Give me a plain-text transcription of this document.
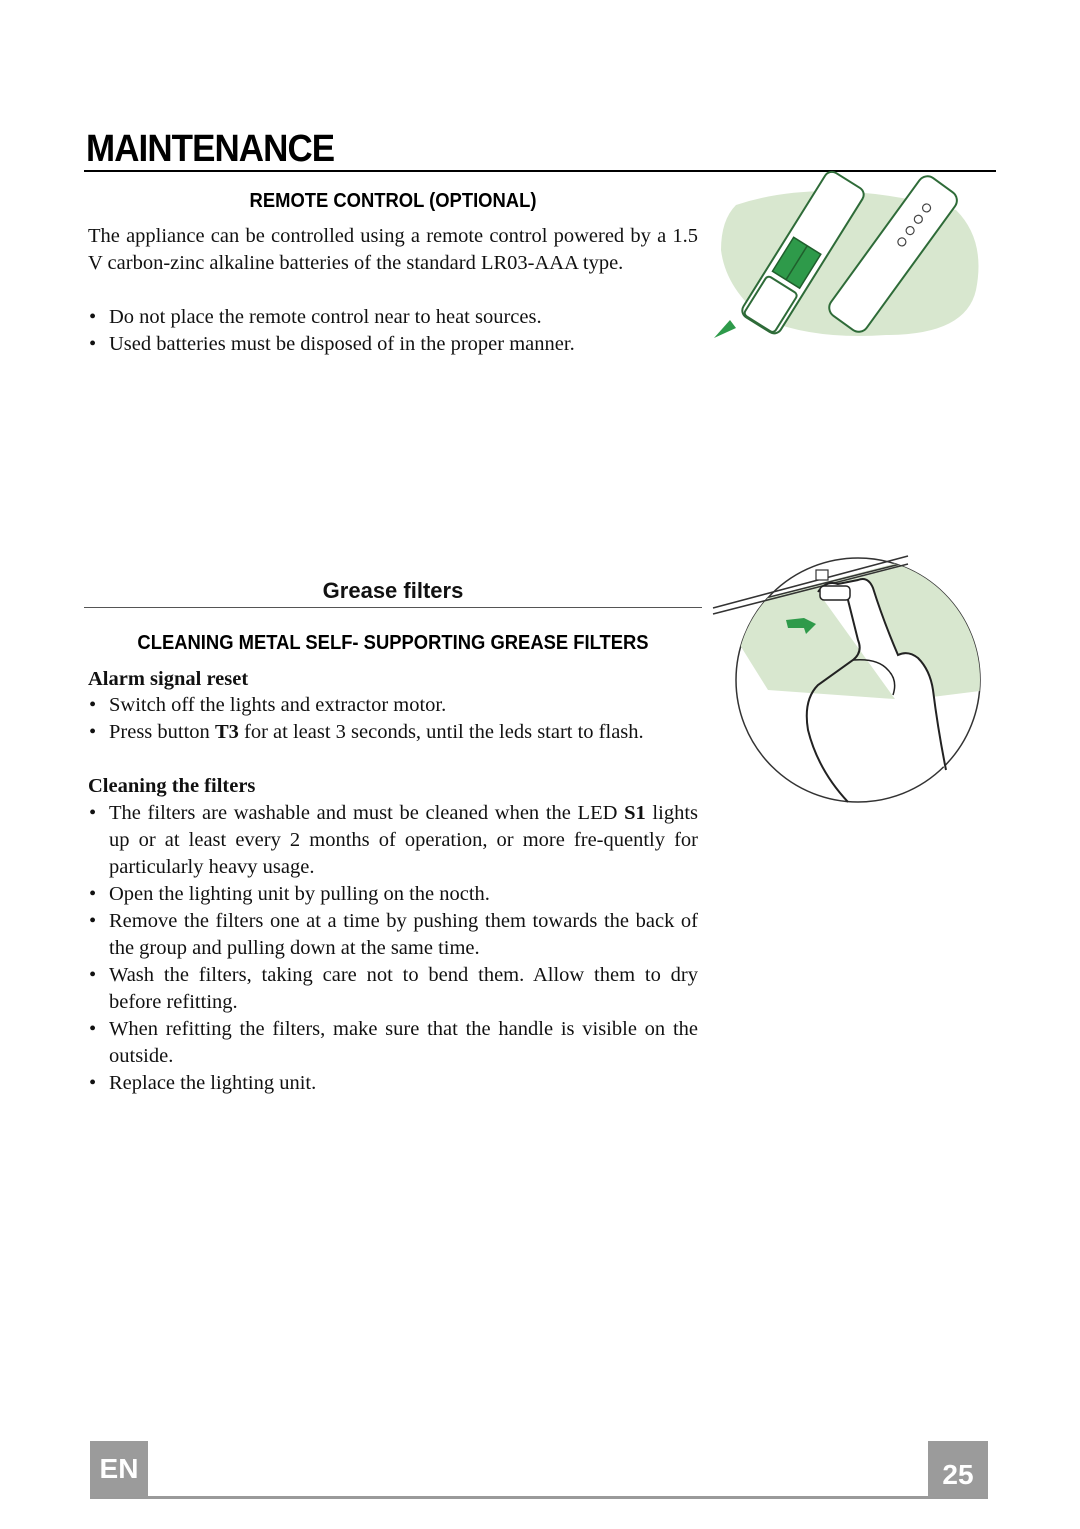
MAINTENANCE
REMOTE CONTROL (OPTIONAL)
The appliance can be controlled using a remote control powered by a 1.5 V carbon-zinc alkaline batteries of the standard LR03-AAA type.
• Do not place the remote control near to heat sources.
• Used batteries must be disposed of in the proper manner.
Grease filters
CLEANING METAL SELF- SUPPORTING GREASE FILTERS
Alarm signal reset
• Switch off the lights and extractor motor.
• Press button T3 for at least 3 seconds, until the leds start to flash.
Cleaning the filters
• The filters are washable and must be cleaned when the LED S1 lights up or at least every 2 months of operation, or more fre-quently for particularly heavy usage.
• Open the lighting unit by pulling on the nocth.
• Remove the filters one at a time by pushing them towards the back of the group and pulling down at the same time.
• Wash the filters, taking care not to bend them. Allow them to dry before refitting.
• When refitting the filters, make sure that the handle is visible on the outside.
• Replace the lighting unit.
EN	25
